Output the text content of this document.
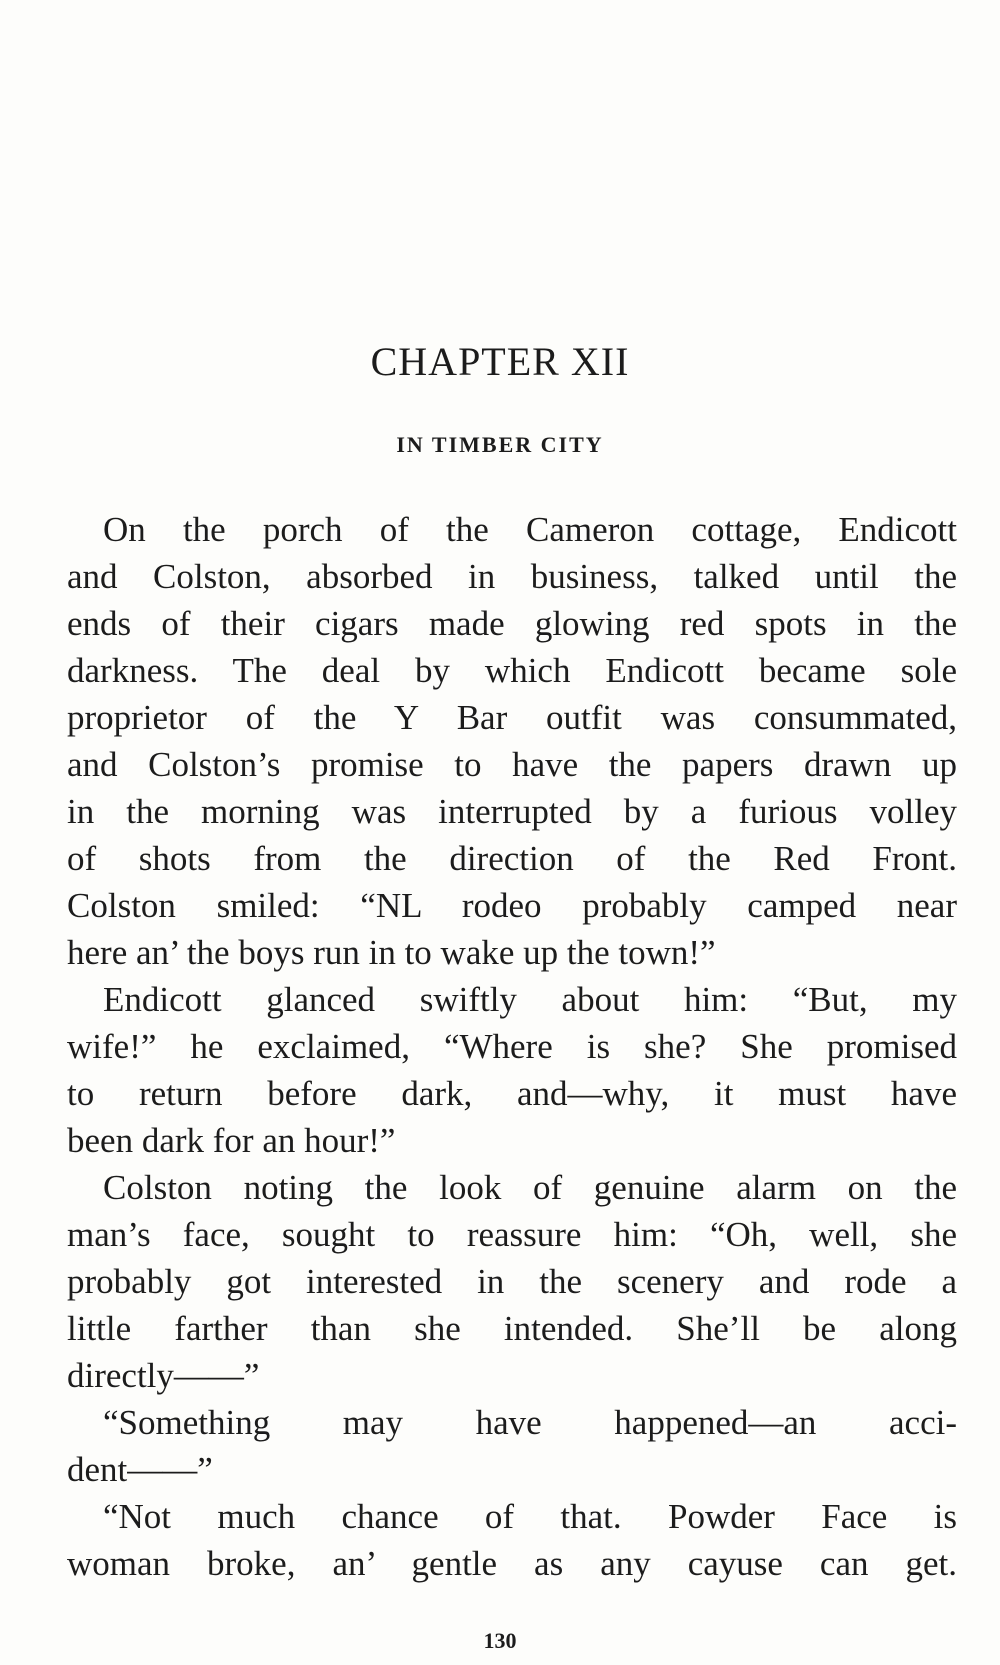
CHAPTER XII
IN TIMBER CITY
On the porch of the Cameron cottage, Endicott
and Colston, absorbed in business, talked until the
ends of their cigars made glowing red spots in the
darkness. The deal by which Endicott became sole
proprietor of the Y Bar outfit was consummated,
and Colston’s promise to have the papers drawn up
in the morning was interrupted by a furious volley
of shots from the direction of the Red Front.
Colston smiled: “NL rodeo probably camped near
here an’ the boys run in to wake up the town!”
Endicott glanced swiftly about him: “But, my
wife!” he exclaimed, “Where is she? She promised
to return before dark, and—why, it must have
been dark for an hour!”
Colston noting the look of genuine alarm on the
man’s face, sought to reassure him: “Oh, well, she
probably got interested in the scenery and rode a
little farther than she intended. She’ll be along
directly——”
“Something may have happened—an acci-
dent——”
“Not much chance of that. Powder Face is
woman broke, an’ gentle as any cayuse can get.
130
